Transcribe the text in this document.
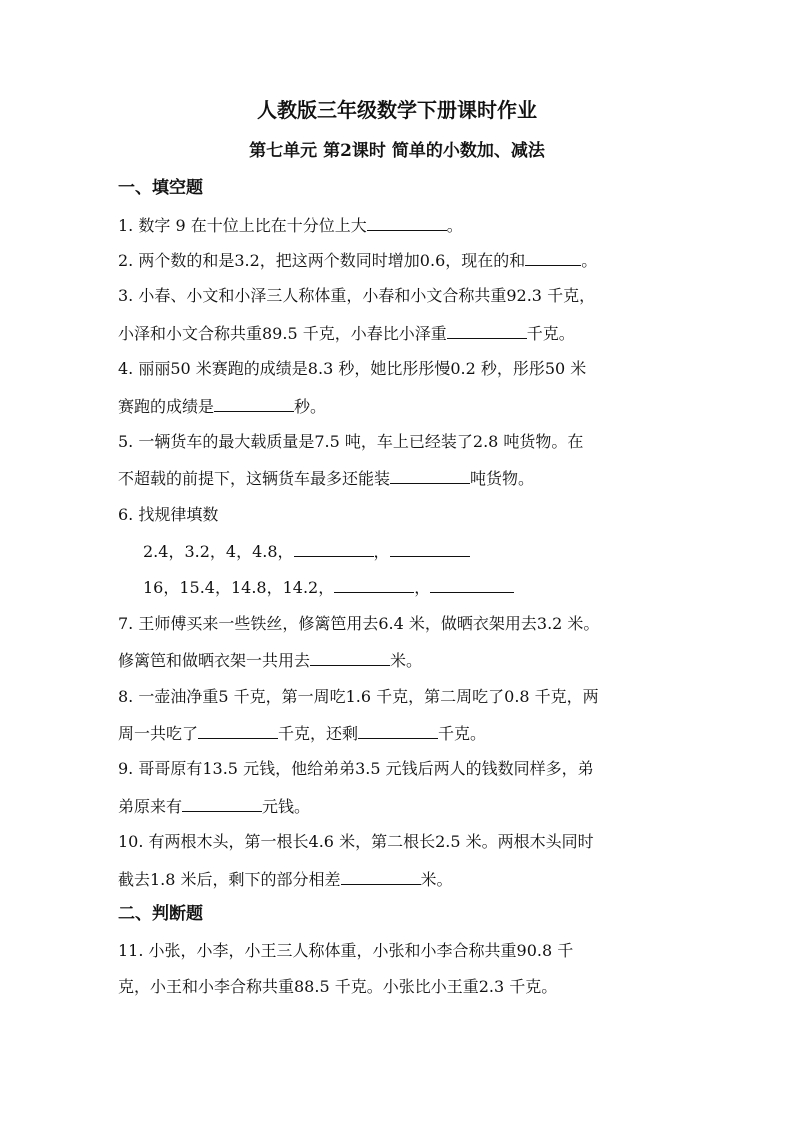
人教版三年级数学下册课时作业
第七单元 第2课时 简单的小数加、减法
一、填空题
1. 数字 9 在十位上比在十分位上大	。
2. 两个数的和是3.2，把这两个数同时增加0.6，现在的和	。
3. 小春、小文和小泽三人称体重，小春和小文合称共重92.3 千克，
小泽和小文合称共重89.5 千克，小春比小泽重	千克。
4. 丽丽50 米赛跑的成绩是8.3 秒，她比彤彤慢0.2 秒，彤彤50 米
赛跑的成绩是	秒。
5. 一辆货车的最大载质量是7.5 吨，车上已经装了2.8 吨货物。在
不超载的前提下，这辆货车最多还能装	吨货物。
6. 找规律填数
2.4，3.2，4，4.8，	，
16，15.4，14.8，14.2，	，
7. 王师傅买来一些铁丝，修篱笆用去6.4 米，做晒衣架用去3.2 米。
修篱笆和做晒衣架一共用去	米。
8. 一壶油净重5 千克，第一周吃1.6 千克，第二周吃了0.8 千克，两
周一共吃了	千克，还剩	千克。
9. 哥哥原有13.5 元钱，他给弟弟3.5 元钱后两人的钱数同样多，弟
弟原来有	元钱。
10. 有两根木头，第一根长4.6 米，第二根长2.5 米。两根木头同时
截去1.8 米后，剩下的部分相差	米。
二、判断题
11. 小张，小李，小王三人称体重，小张和小李合称共重90.8 千
克，小王和小李合称共重88.5 千克。小张比小王重2.3 千克。
